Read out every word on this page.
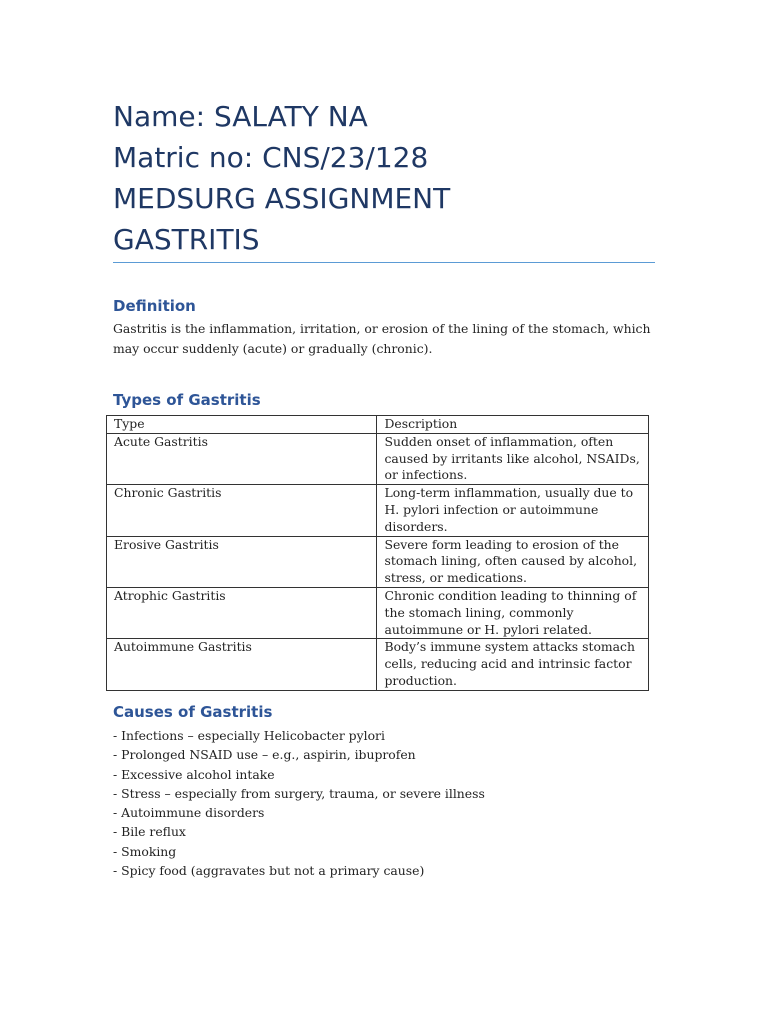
Name: SALATY NA
Matric no: CNS/23/128
MEDSURG ASSIGNMENT
GASTRITIS
Definition
Gastritis is the inflammation, irritation, or erosion of the lining of the stomach, which may occur suddenly (acute) or gradually (chronic).
Types of Gastritis
Type	Description
Acute Gastritis	Sudden onset of inflammation, often caused by irritants like alcohol, NSAIDs, or infections.
Chronic Gastritis	Long-term inflammation, usually due to H. pylori infection or autoimmune disorders.
Erosive Gastritis	Severe form leading to erosion of the stomach lining, often caused by alcohol, stress, or medications.
Atrophic Gastritis	Chronic condition leading to thinning of the stomach lining, commonly autoimmune or H. pylori related.
Autoimmune Gastritis	Body’s immune system attacks stomach cells, reducing acid and intrinsic factor production.
Causes of Gastritis
- Infections – especially Helicobacter pylori
- Prolonged NSAID use – e.g., aspirin, ibuprofen
- Excessive alcohol intake
- Stress – especially from surgery, trauma, or severe illness
- Autoimmune disorders
- Bile reflux
- Smoking
- Spicy food (aggravates but not a primary cause)
